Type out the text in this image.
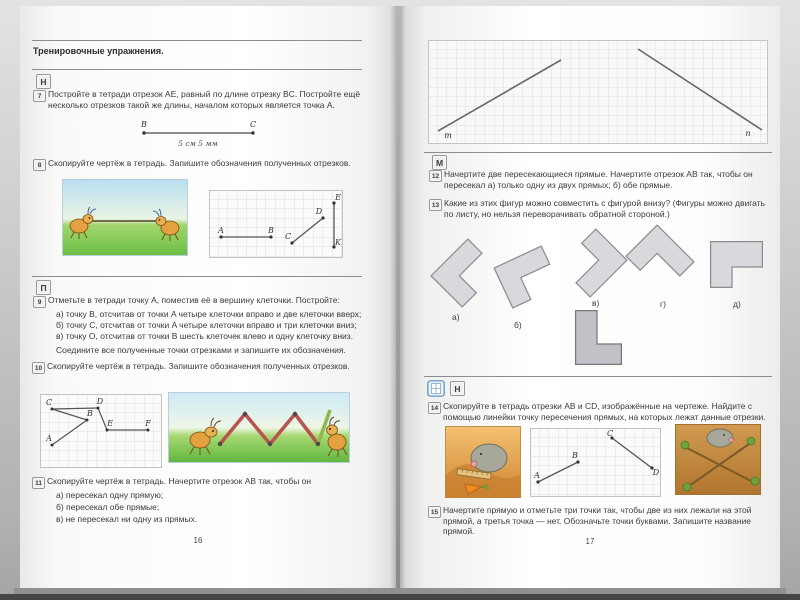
Тренировочные упражнения.
Н
7 Постройте в тетради отрезок AE, равный по длине отрезку BC. Постройте ещё несколько отрезков такой же длины, началом которых является точка A.
B	C
5 см 5 мм
8 Скопируйте чертёж в тетрадь. Запишите обозначения полученных отрезков.
A	B
C
D
E
K
П
9 Отметьте в тетради точку A, поместив её в вершину клеточки. Постройте:
а) точку B, отсчитав от точки A четыре клеточки вправо и две клеточки вверх;
б) точку C, отсчитав от точки A четыре клеточки вправо и три клеточки вниз;
в) точку O, отсчитав от точки B шесть клеточек влево и одну клеточку вниз.
Соедините все полученные точки отрезками и запишите их обозначения.
10 Скопируйте чертёж в тетрадь. Запишите обозначения полученных отрезков.
C	D
B
E	F
A
11 Скопируйте чертёж в тетрадь. Начертите отрезок AB так, чтобы он
а) пересекал одну прямую;
б) пересекал обе прямые;
в) не пересекал ни одну из прямых.
16
m	n
М
12 Начертите две пересекающиеся прямые. Начертите отрезок AB так, чтобы он пересекал а) только одну из двух прямых; б) обе прямые.
13 Какие из этих фигур можно совместить с фигурой внизу? (Фигуры можно двигать по листу, но нельзя переворачивать обратной стороной.)
а)
б)
в)	г)	д)
Н
14 Скопируйте в тетрадь отрезки AB и CD, изображённые на чертеже. Найдите с помощью линейки точку пересечения прямых, на которых лежат данные отрезки.
A
B
C
D
15 Начертите прямую и отметьте три точки так, чтобы две из них лежали на этой прямой, а третья точка — нет. Обозначьте точки буквами. Запишите название прямой.
17
